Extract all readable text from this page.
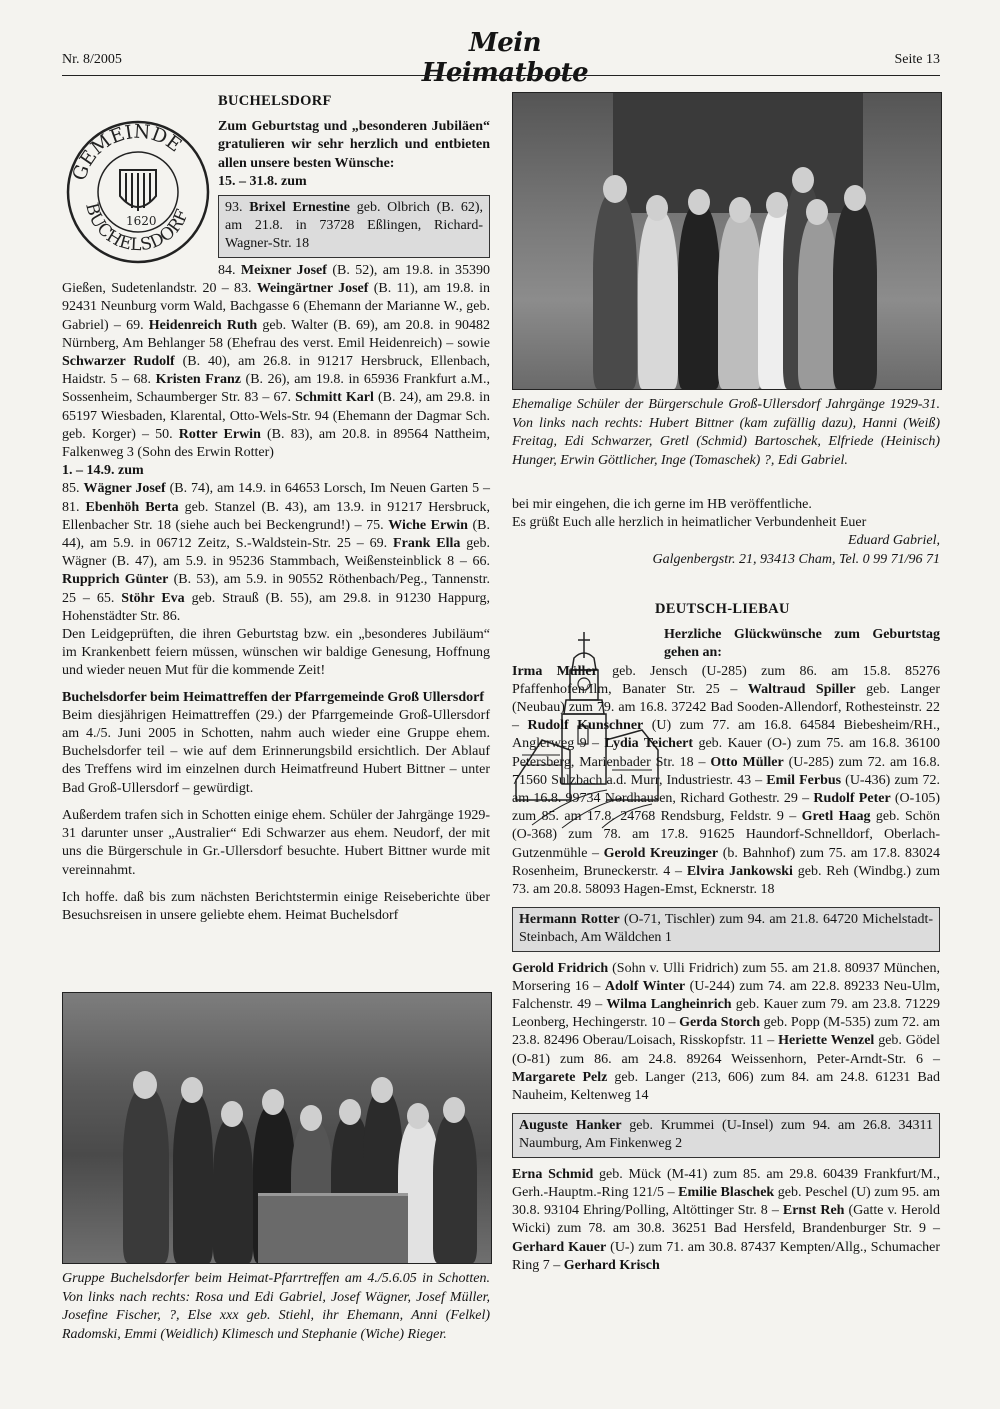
Nr. 8/2005
Mein Heimatbote	Seite 13
GEMEINDE
BUCHELSDORF
1620
BUCHELSDORF

Zum Geburtstag und „besonderen Jubiläen“ gratulieren wir sehr herzlich und entbieten allen unsere besten Wünsche:

15. – 31.8. zum

93. Brixel Ernestine geb. Olbrich (B. 62), am 21.8. in 73728 Eßlingen, Richard-Wagner-Str. 18

84. Meixner Josef (B. 52), am 19.8. in 35390 Gießen, Sudetenlandstr. 20 – 83. Weingärtner Josef (B. 11), am 19.8. in 92431 Neunburg vorm Wald, Bachgasse 6 (Ehemann der Marianne W., geb. Gabriel) – 69. Heidenreich Ruth geb. Walter (B. 69), am 20.8. in 90482 Nürnberg, Am Behlanger 58 (Ehefrau des verst. Emil Heidenreich) – sowie Schwarzer Rudolf (B. 40), am 26.8. in 91217 Hersbruck, Ellenbach, Haidstr. 5 – 68. Kristen Franz (B. 26), am 19.8. in 65936 Frankfurt a.M., Sossenheim, Schaumberger Str. 83 – 67. Schmitt Karl (B. 24), am 29.8. in 65197 Wiesbaden, Klarental, Otto-Wels-Str. 94 (Ehemann der Dagmar Sch. geb. Korger) – 50. Rotter Erwin (B. 83), am 20.8. in 89564 Nattheim, Falkenweg 3 (Sohn des Erwin Rotter)

1. – 14.9. zum

85. Wägner Josef (B. 74), am 14.9. in 64653 Lorsch, Im Neuen Garten 5 – 81. Ebenhöh Berta geb. Stanzel (B. 43), am 13.9. in 91217 Hersbruck, Ellenbacher Str. 18 (siehe auch bei Beckengrund!) – 75. Wiche Erwin (B. 44), am 5.9. in 06712 Zeitz, S.-Waldstein-Str. 25 – 69. Frank Ella geb. Wägner (B. 47), am 5.9. in 95236 Stammbach, Weißensteinblick 8 – 66. Rupprich Günter (B. 53), am 5.9. in 90552 Röthenbach/Peg., Tannenstr. 25 – 65. Stöhr Eva geb. Strauß (B. 55), am 29.8. in 91230 Happurg, Hohenstädter Str. 86.

Den Leidgeprüften, die ihren Geburtstag bzw. ein „besonderes Jubiläum“ im Krankenbett feiern müssen, wünschen wir baldige Genesung, Hoffnung und wieder neuen Mut für die kommende Zeit!

Buchelsdorfer beim Heimattreffen der Pfarrgemeinde Groß Ullersdorf

Beim diesjährigen Heimattreffen (29.) der Pfarrgemeinde Groß-Ullersdorf am 4./5. Juni 2005 in Schotten, nahm auch wieder eine Gruppe ehem. Buchelsdorfer teil – wie auf dem Erinnerungsbild ersichtlich. Der Ablauf des Treffens wird im einzelnen durch Heimatfreund Hubert Bittner – unter Bad Groß-Ullersdorf – gewürdigt.

Außerdem trafen sich in Schotten einige ehem. Schüler der Jahrgänge 1929-31 darunter unser „Australier“ Edi Schwarzer aus ehem. Neudorf, der mit uns die Bürgerschule in Gr.-Ullersdorf besuchte. Hubert Bittner wurde mit vereinnahmt.

Ich hoffe. daß bis zum nächsten Berichtstermin einige Reiseberichte über Besuchsreisen in unsere geliebte ehem. Heimat Buchelsdorf

Gruppe Buchelsdorfer beim Heimat-Pfarrtreffen am 4./5.6.05 in Schotten. Von links nach rechts: Rosa und Edi Gabriel, Josef Wägner, Josef Müller, Josefine Fischer, ?, Else xxx geb. Stiehl, ihr Ehemann, Anni (Felkel) Radomski, Emmi (Weidlich) Klimesch und Stephanie (Wiche) Rieger.
Ehemalige Schüler der Bürgerschule Groß-Ullersdorf Jahrgänge 1929-31. Von links nach rechts: Hubert Bittner (kam zufällig dazu), Hanni (Weiß) Freitag, Edi Schwarzer, Gretl (Schmid) Bartoschek, Elfriede (Heinisch) Hunger, Erwin Göttlicher, Inge (Tomaschek) ?, Edi Gabriel.

bei mir eingehen, die ich gerne im HB veröffentliche.

Es grüßt Euch alle herzlich in heimatlicher Verbundenheit Euer

Eduard Gabriel,

Galgenbergstr. 21, 93413 Cham, Tel. 0 99 71/96 71

DEUTSCH-LIEBAU

Herzliche Glückwünsche zum Geburtstag gehen an:

Irma Müller geb. Jensch (U-285) zum 86. am 15.8. 85276 Pfaffenhofen/Ilm, Banater Str. 25 – Waltraud Spiller geb. Langer (Neubau) zum 79. am 16.8. 37242 Bad Sooden-Allendorf, Rothesteinstr. 22 – Rudolf Kunschner (U) zum 77. am 16.8. 64584 Biebesheim/RH., Anglerweg 9 – Lydia Teichert geb. Kauer (O-) zum 75. am 16.8. 36100 Petersberg, Marienbader Str. 18 – Otto Müller (U-285) zum 72. am 16.8. 71560 Sulzbach a.d. Murr, Industriestr. 43 – Emil Ferbus (U-436) zum 72. am 16.8. 99734 Nordhausen, Richard Gothestr. 29 – Rudolf Peter (O-105) zum 85. am 17.8. 24768 Rendsburg, Feldstr. 9 – Gretl Haag geb. Schön (O-368) zum 78. am 17.8. 91625 Haundorf-Schnelldorf, Oberlach-Gutzenmühle – Gerold Kreuzinger (b. Bahnhof) zum 75. am 17.8. 83024 Rosenheim, Bruneckerstr. 4 – Elvira Jankowski geb. Reh (Windbg.) zum 73. am 20.8. 58093 Hagen-Emst, Ecknerstr. 18

Hermann Rotter (O-71, Tischler) zum 94. am 21.8. 64720 Michelstadt-Steinbach, Am Wäldchen 1

Gerold Fridrich (Sohn v. Ulli Fridrich) zum 55. am 21.8. 80937 München, Morsering 16 – Adolf Winter (U-244) zum 74. am 22.8. 89233 Neu-Ulm, Falchenstr. 49 – Wilma Langheinrich geb. Kauer zum 79. am 23.8. 71229 Leonberg, Hechingerstr. 10 – Gerda Storch geb. Popp (M-535) zum 72. am 23.8. 82496 Oberau/Loisach, Risskopfstr. 11 – Heriette Wenzel geb. Gödel (O-81) zum 86. am 24.8. 89264 Weissenhorn, Peter-Arndt-Str. 6 – Margarete Pelz geb. Langer (213, 606) zum 84. am 24.8. 61231 Bad Nauheim, Keltenweg 14

Auguste Hanker geb. Krummei (U-Insel) zum 94. am 26.8. 34311 Naumburg, Am Finkenweg 2

Erna Schmid geb. Mück (M-41) zum 85. am 29.8. 60439 Frankfurt/M., Gerh.-Hauptm.-Ring 121/5 – Emilie Blaschek geb. Peschel (U) zum 95. am 30.8. 93104 Ehring/Polling, Altöttinger Str. 8 – Ernst Reh (Gatte v. Herold Wicki) zum 78. am 30.8. 36251 Bad Hersfeld, Brandenburger Str. 9 – Gerhard Kauer (U-) zum 71. am 30.8. 87437 Kempten/Allg., Schumacher Ring 7 – Gerhard Krisch
